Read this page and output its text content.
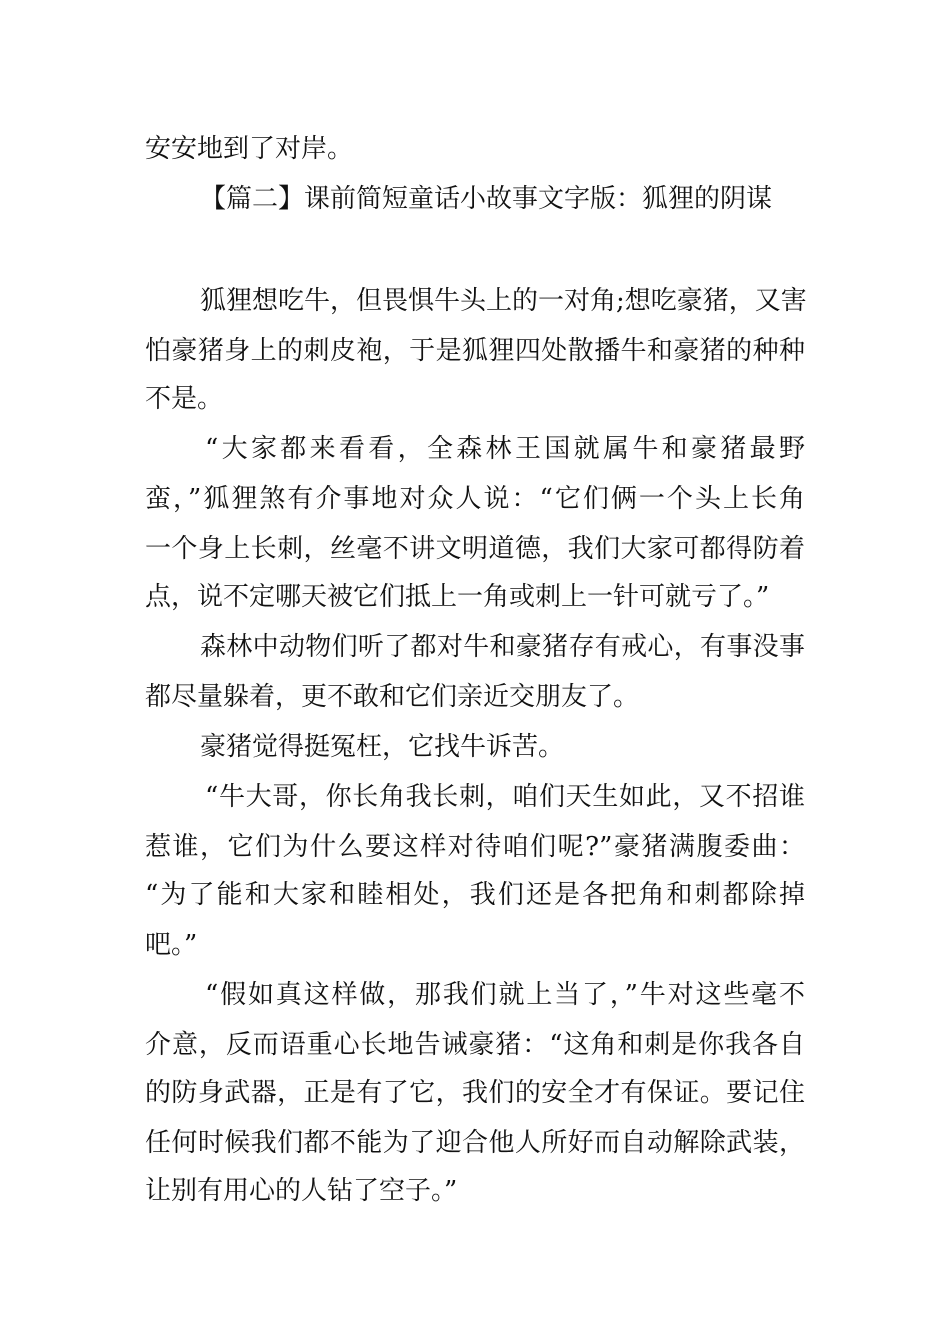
安安地到了对岸。
【篇二】课前简短童话小故事文字版：狐狸的阴谋
狐狸想吃牛，但畏惧牛头上的一对角;想吃豪猪，又害
怕豪猪身上的刺皮袍，于是狐狸四处散播牛和豪猪的种种
不是。
“大家都来看看，全森林王国就属牛和豪猪最野
蛮，”狐狸煞有介事地对众人说：“它们俩一个头上长角
一个身上长刺，丝毫不讲文明道德，我们大家可都得防着
点，说不定哪天被它们抵上一角或刺上一针可就亏了。”
森林中动物们听了都对牛和豪猪存有戒心，有事没事
都尽量躲着，更不敢和它们亲近交朋友了。
豪猪觉得挺冤枉，它找牛诉苦。
“牛大哥，你长角我长刺，咱们天生如此，又不招谁
惹谁，它们为什么要这样对待咱们呢?”豪猪满腹委曲：
“为了能和大家和睦相处，我们还是各把角和刺都除掉
吧。”
“假如真这样做，那我们就上当了，”牛对这些毫不
介意，反而语重心长地告诫豪猪：“这角和刺是你我各自
的防身武器，正是有了它，我们的安全才有保证。要记住
任何时候我们都不能为了迎合他人所好而自动解除武装，
让别有用心的人钻了空子。”
